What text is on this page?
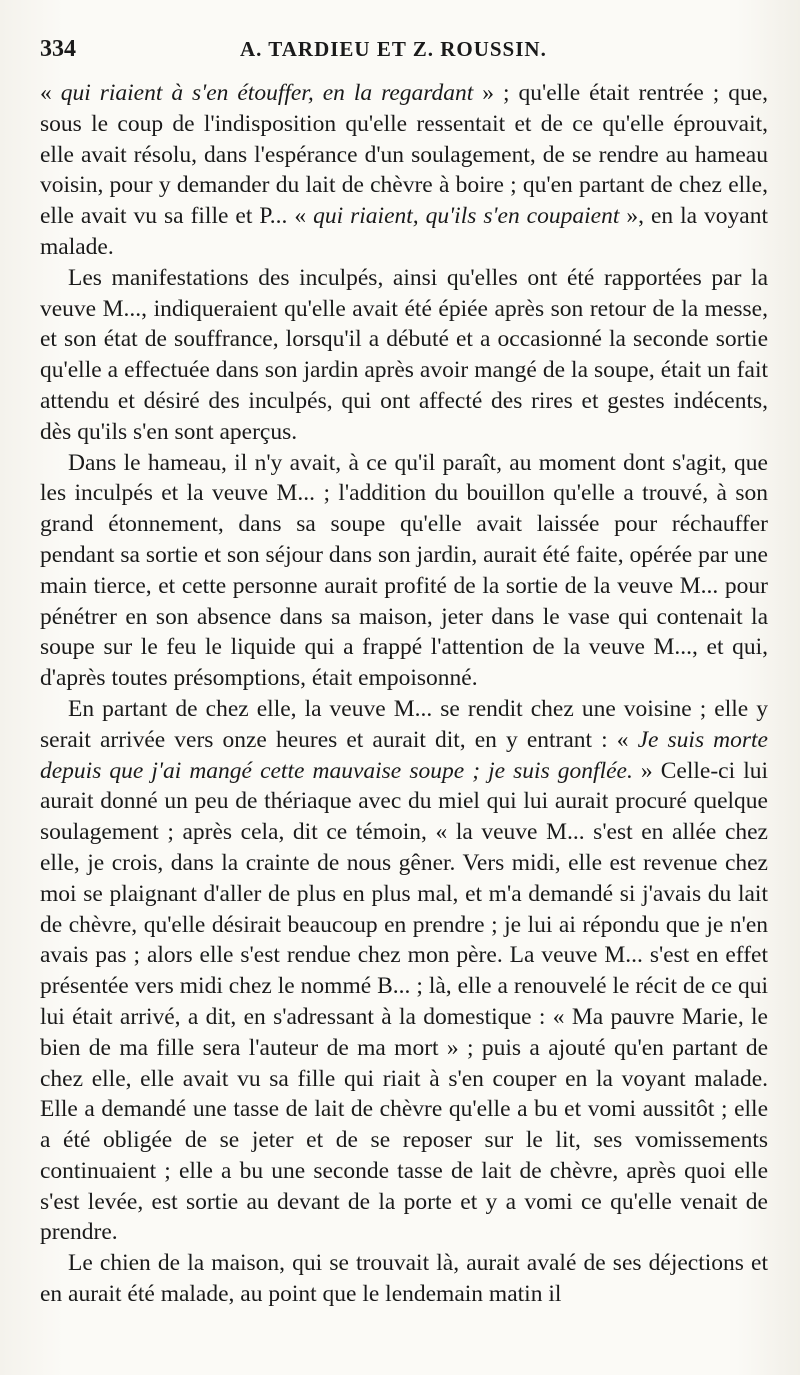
334	A. TARDIEU ET Z. ROUSSIN.

« qui riaient à s'en étouffer, en la regardant » ; qu'elle était rentrée ; que, sous le coup de l'indisposition qu'elle ressentait et de ce qu'elle éprouvait, elle avait résolu, dans l'espérance d'un soulagement, de se rendre au hameau voisin, pour y demander du lait de chèvre à boire ; qu'en partant de chez elle, elle avait vu sa fille et P... « qui riaient, qu'ils s'en coupaient », en la voyant malade.

Les manifestations des inculpés, ainsi qu'elles ont été rapportées par la veuve M..., indiqueraient qu'elle avait été épiée après son retour de la messe, et son état de souffrance, lorsqu'il a débuté et a occasionné la seconde sortie qu'elle a effectuée dans son jardin après avoir mangé de la soupe, était un fait attendu et désiré des inculpés, qui ont affecté des rires et gestes indécents, dès qu'ils s'en sont aperçus.

Dans le hameau, il n'y avait, à ce qu'il paraît, au moment dont s'agit, que les inculpés et la veuve M... ; l'addition du bouillon qu'elle a trouvé, à son grand étonnement, dans sa soupe qu'elle avait laissée pour réchauffer pendant sa sortie et son séjour dans son jardin, aurait été faite, opérée par une main tierce, et cette personne aurait profité de la sortie de la veuve M... pour pénétrer en son absence dans sa maison, jeter dans le vase qui contenait la soupe sur le feu le liquide qui a frappé l'attention de la veuve M..., et qui, d'après toutes présomptions, était empoisonné.

En partant de chez elle, la veuve M... se rendit chez une voisine ; elle y serait arrivée vers onze heures et aurait dit, en y entrant : « Je suis morte depuis que j'ai mangé cette mauvaise soupe ; je suis gonflée. » Celle-ci lui aurait donné un peu de thériaque avec du miel qui lui aurait procuré quelque soulagement ; après cela, dit ce témoin, « la veuve M... s'est en allée chez elle, je crois, dans la crainte de nous gêner. Vers midi, elle est revenue chez moi se plaignant d'aller de plus en plus mal, et m'a demandé si j'avais du lait de chèvre, qu'elle désirait beaucoup en prendre ; je lui ai répondu que je n'en avais pas ; alors elle s'est rendue chez mon père. La veuve M... s'est en effet présentée vers midi chez le nommé B... ; là, elle a renouvelé le récit de ce qui lui était arrivé, a dit, en s'adressant à la domestique : « Ma pauvre Marie, le bien de ma fille sera l'auteur de ma mort » ; puis a ajouté qu'en partant de chez elle, elle avait vu sa fille qui riait à s'en couper en la voyant malade. Elle a demandé une tasse de lait de chèvre qu'elle a bu et vomi aussitôt ; elle a été obligée de se jeter et de se reposer sur le lit, ses vomissements continuaient ; elle a bu une seconde tasse de lait de chèvre, après quoi elle s'est levée, est sortie au devant de la porte et y a vomi ce qu'elle venait de prendre.

Le chien de la maison, qui se trouvait là, aurait avalé de ses déjections et en aurait été malade, au point que le lendemain matin il
